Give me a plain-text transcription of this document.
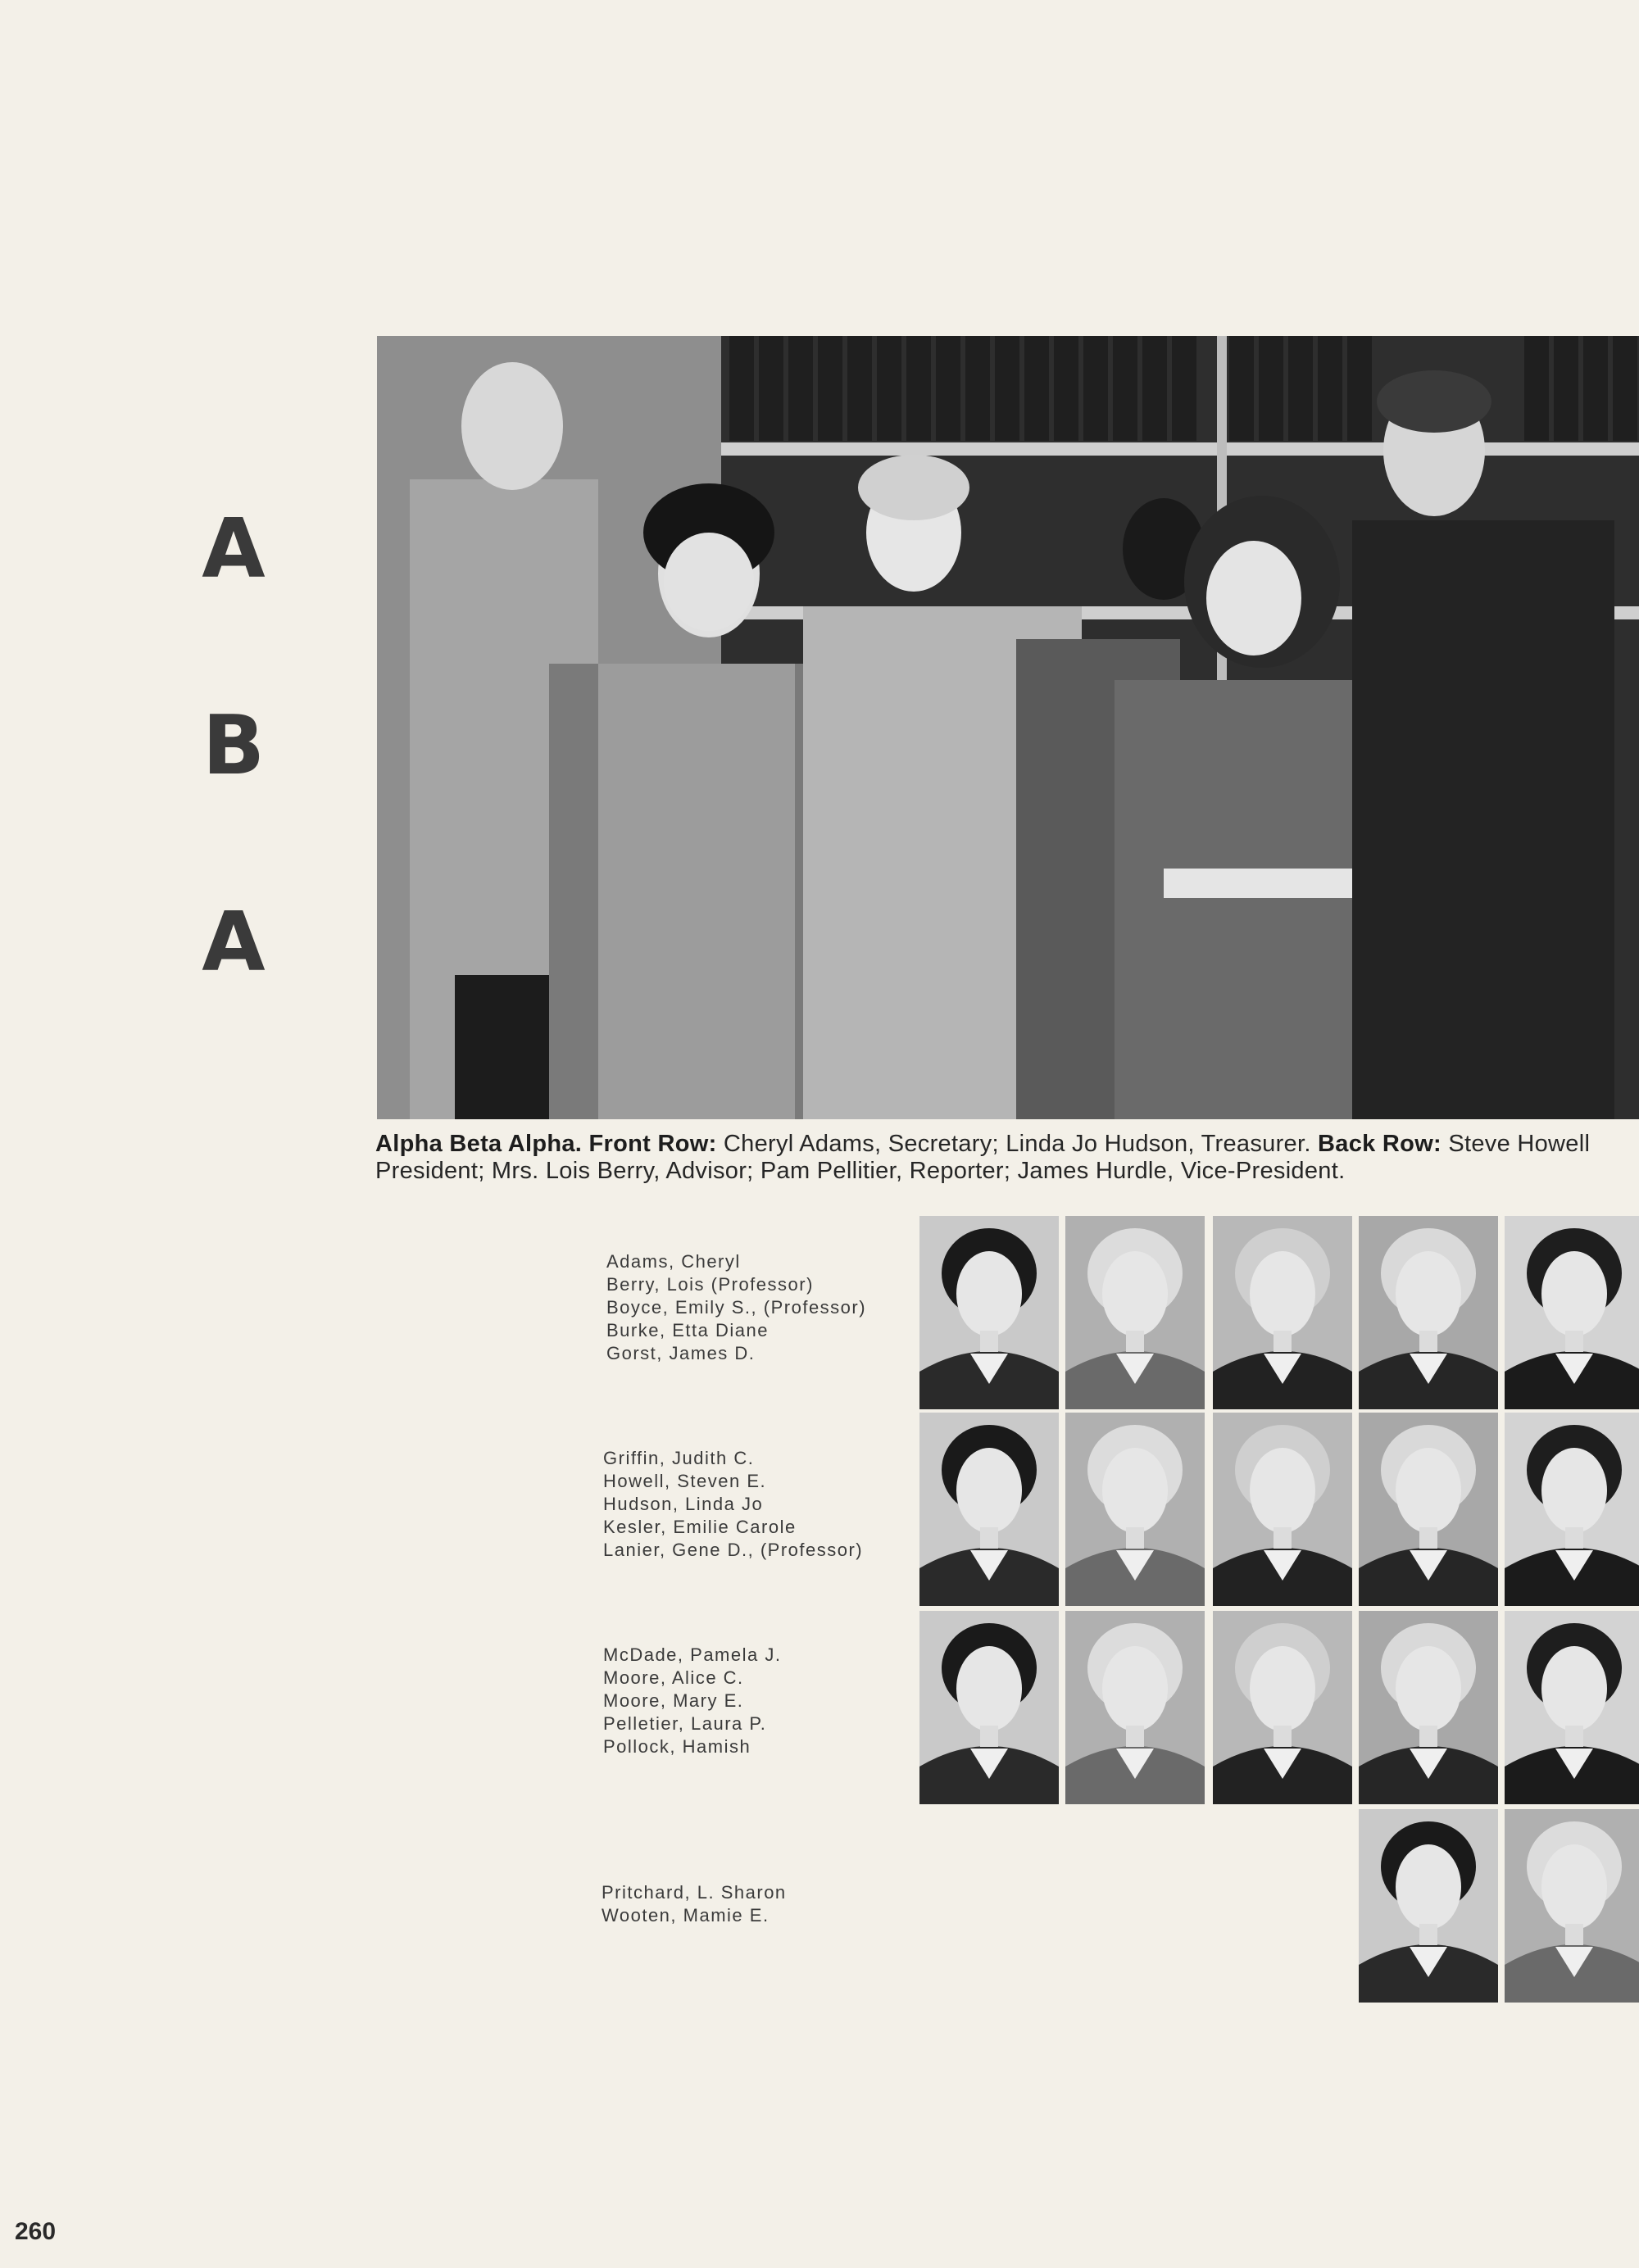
A
B
A
Alpha Beta Alpha. Front Row: Cheryl Adams, Secretary; Linda Jo Hudson, Treasurer. Back Row: Steve Howell President; Mrs. Lois Berry, Advisor; Pam Pellitier, Reporter; James Hurdle, Vice-President.
Adams, Cheryl
Berry, Lois (Professor)
Boyce, Emily S., (Professor)
Burke, Etta Diane
Gorst, James D.
Griffin, Judith C.
Howell, Steven E.
Hudson, Linda Jo
Kesler, Emilie Carole
Lanier, Gene D., (Professor)
McDade, Pamela J.
Moore, Alice C.
Moore, Mary E.
Pelletier, Laura P.
Pollock, Hamish
Pritchard, L. Sharon
Wooten, Mamie E.
260
